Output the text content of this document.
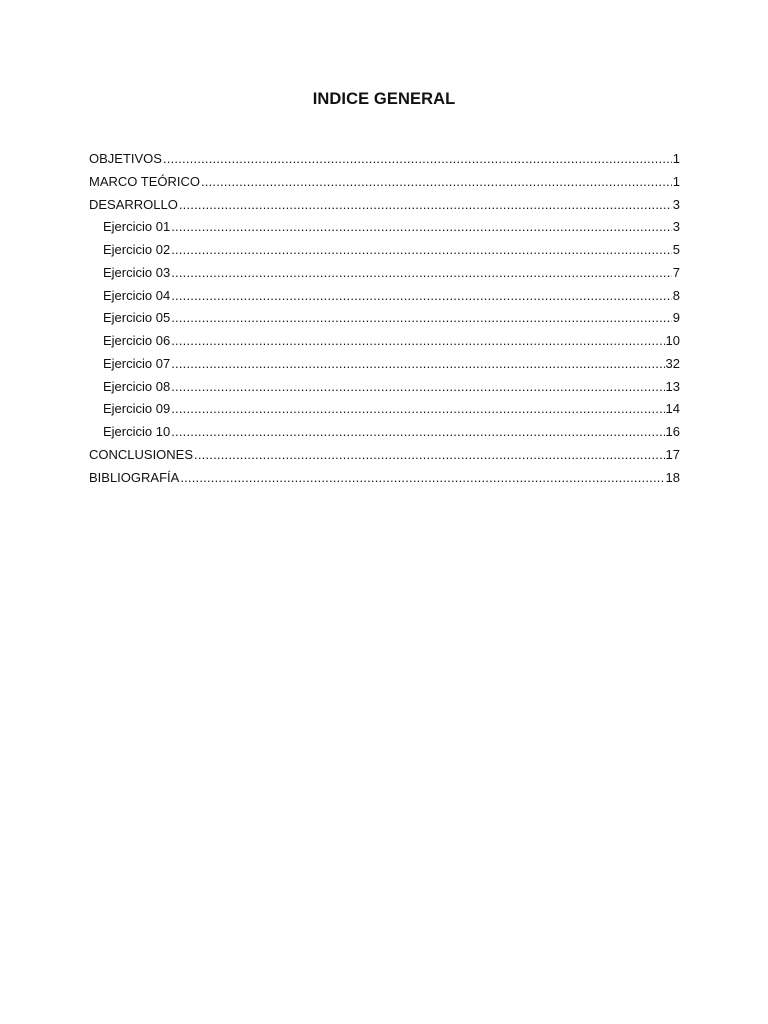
INDICE GENERAL
OBJETIVOS .....	1
MARCO TEÓRICO .....	1
DESARROLLO .....	3
Ejercicio 01 .....	3
Ejercicio 02 .....	5
Ejercicio 03 .....	7
Ejercicio 04 .....	8
Ejercicio 05 .....	9
Ejercicio 06 .....	10
Ejercicio 07 .....	32
Ejercicio 08 .....	13
Ejercicio 09 .....	14
Ejercicio 10 .....	16
CONCLUSIONES .....	17
BIBLIOGRAFÍA .....	18
